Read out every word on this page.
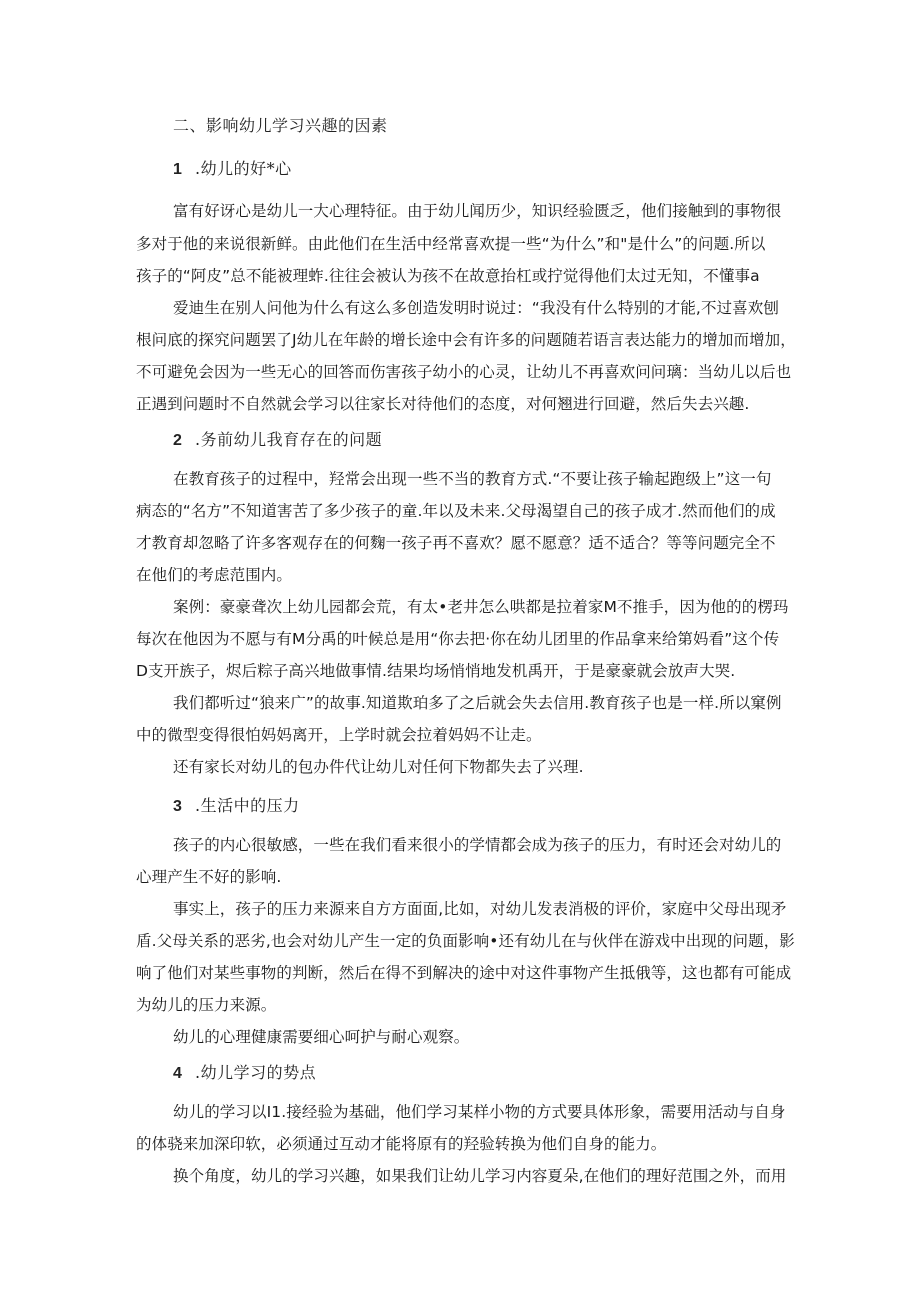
二、影响幼儿学习兴趣的因素
1 .幼儿的好*心
富有好讶心是幼儿一大心理特征。由于幼儿闻历少，知识经验匮乏，他们接触到的事物很
多对于他的来说很新鲜。由此他们在生活中经常喜欢提一些“为什么”和"是什么”的问题.所以
孩子的“阿皮”总不能被理蚱.往往会被认为孩不在故意抬杠或拧觉得他们太过无知，不懂事a
爱迪生在别人问他为什么有这么多创造发明时说过：“我没有什么特别的才能,不过喜欢刨
根问底的探究问题罢了J幼儿在年龄的增长途中会有许多的问题随若语言表达能力的增加而增加，
不可避免会因为一些无心的回答而伤害孩子幼小的心灵，让幼儿不再喜欢问问璃：当幼儿以后也
正遇到问题时不自然就会学习以往家长对待他们的态度，对何翘进行回避，然后失去兴趣.
2 .务前幼儿我育存在的问题
在教育孩子的过程中，羟常会出现一些不当的教育方式.“不要让孩子输起跑级上”这一句
病态的“名方”不知道害苦了多少孩子的童.年以及未来.父母渴望自己的孩子成才.然而他们的成
才教育却忽略了许多客观存在的何麴一孩子再不喜欢？愿不愿意？适不适合？等等问题完全不
在他们的考虑范围内。
案例：豪豪聋次上幼儿园都会荒，有太•老井怎么哄都是拉着家M不推手，因为他的的楞玛
每次在他因为不愿与有M分禹的叶候总是用“你去把·你在幼儿团里的作品拿来给第妈看”这个传
D支开族子，烬后粽子高兴地做事情.结果均场悄悄地发机禹开，于是豪豪就会放声大哭.
我们都听过“狼来广”的故事.知道欺珀多了之后就会失去信用.教育孩子也是一样.所以窠例
中的微型变得很怕妈妈离开，上学时就会拉着妈妈不让走。
还有家长对幼儿的包办件代让幼儿对任何下物都失去了兴理.
3 .生活中的压力
孩子的内心很敏感，一些在我们看来很小的学情都会成为孩子的压力，有时还会对幼儿的
心理产生不好的影响.
事实上，孩子的压力来源来自方方面面,比如，对幼儿发表消极的评价，家庭中父母出现矛
盾.父母关系的恶劣,也会对幼儿产生一定的负面影响•还有幼儿在与伙伴在游戏中出现的问题，影
响了他们对某些事物的判断，然后在得不到解决的途中对这件事物产生抵俄等，这也都有可能成
为幼儿的压力来源。
幼儿的心理健康需要细心呵护与耐心观察。
4 .幼儿学习的势点
幼儿的学习以I1.接经验为基础，他们学习某样小物的方式要具体形象，需要用活动与自身
的体骁来加深印软，必须通过互动才能将原有的羟验转换为他们自身的能力。
换个角度，幼儿的学习兴趣，如果我们让幼儿学习内容夏朵,在他们的理好范围之外，而用
